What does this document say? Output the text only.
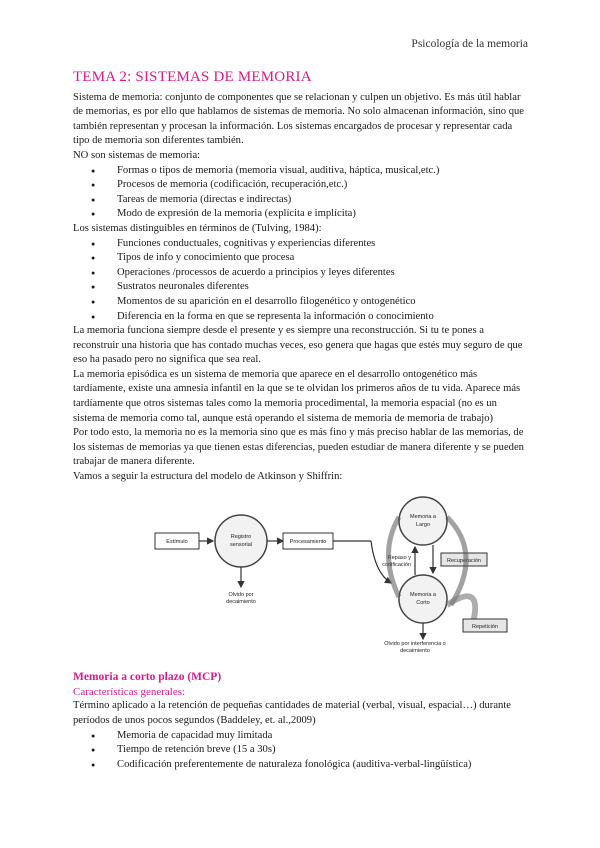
Psicología de la memoria
TEMA 2: SISTEMAS DE MEMORIA

Sistema de memoria: conjunto de componentes que se relacionan y culpen un objetivo. Es más útil hablar de memorias, es por ello que hablamos de sistemas de memoria. No solo almacenan información, sino que también representan y procesan la información. Los sistemas encargados de procesar y representar cada tipo de memoria son diferentes también.

NO son sistemas de memoria:

● Formas o tipos de memoria (memoria visual, auditiva, háptica, musical,etc.)
● Procesos de memoria (codificación, recuperación,etc.)
● Tareas de memoria (directas e indirectas)
● Modo de expresión de la memoria (explícita e implícita)

Los sistemas distinguibles en términos de (Tulving, 1984):

● Funciones conductuales, cognitivas y experiencias diferentes
● Tipos de info y conocimiento que procesa
● Operaciones /processos de acuerdo a principios y leyes diferentes
● Sustratos neuronales diferentes
● Momentos de su aparición en el desarrollo filogenético y ontogenético
● Diferencia en la forma en que se representa la información o conocimiento

La memoria funciona siempre desde el presente y es siempre una reconstrucción. Si tu te pones a reconstruir una historia que has contado muchas veces, eso genera que hagas que estés muy seguro de que eso ha pasado pero no significa que sea real.

La memoria episódica es un sistema de memoria que aparece en el desarrollo ontogenético más tardíamente, existe una amnesia infantil en la que se te olvidan los primeros años de tu vida. Aparece más tardíamente que otros sistemas tales como la memoria procedimental, la memoria espacial (no es un sistema de memoria como tal, aunque está operando el sistema de memoria de memoria de trabajo)

Por todo esto, la memoria no es la memoria sino que es más fino y más preciso hablar de las memorias, de los sistemas de memorias ya que tienen estas diferencias, pueden estudiar de manera diferente y se pueden trabajar de manera diferente.

Vamos a seguir la estructura del modelo de Atkinson y Shiffrin:

Estímulo
Registro
sensorial
Olvido por
decaimiento
Procesamiento
Memoria a
Largo
Memoria a
Corto
Repaso y
codificación
Recuperación
Repetición
Olvido por interferencia o
decaimiento

Memoria a corto plazo (MCP)

Características generales:

Término aplicado a la retención de pequeñas cantidades de material (verbal, visual, espacial…) durante períodos de unos pocos segundos (Baddeley, et. al.,2009)

● Memoria de capacidad muy limitada
● Tiempo de retención breve (15 a 30s)
● Codificación preferentemente de naturaleza fonológica (auditiva-verbal-lingüística)
